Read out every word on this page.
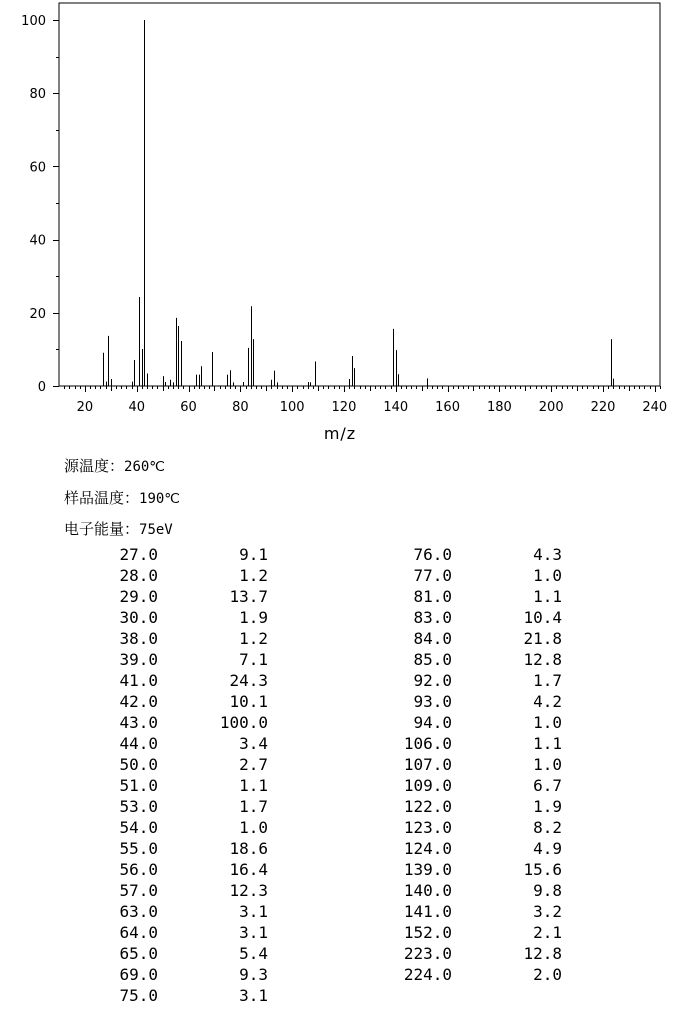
20	40	60	80 100 120 140 160 180 200 220 240
0
20
40
60
80
100
m/z
源温度：260℃
样品温度：190℃
电子能量：75eV
27.0	9.1
28.0	1.2
29.0	13.7
30.0	1.9
38.0	1.2
39.0	7.1
41.0	24.3
42.0	10.1
43.0	100.0
44.0	3.4
50.0	2.7
51.0	1.1
53.0	1.7
54.0	1.0
55.0	18.6
56.0	16.4
57.0	12.3
63.0	3.1
64.0	3.1
65.0	5.4
69.0	9.3
75.0	3.1
76.0	4.3
77.0	1.0
81.0	1.1
83.0	10.4
84.0	21.8
85.0	12.8
92.0	1.7
93.0	4.2
94.0	1.0
106.0	1.1
107.0	1.0
109.0	6.7
122.0	1.9
123.0	8.2
124.0	4.9
139.0	15.6
140.0	9.8
141.0	3.2
152.0	2.1
223.0	12.8
224.0	2.0
